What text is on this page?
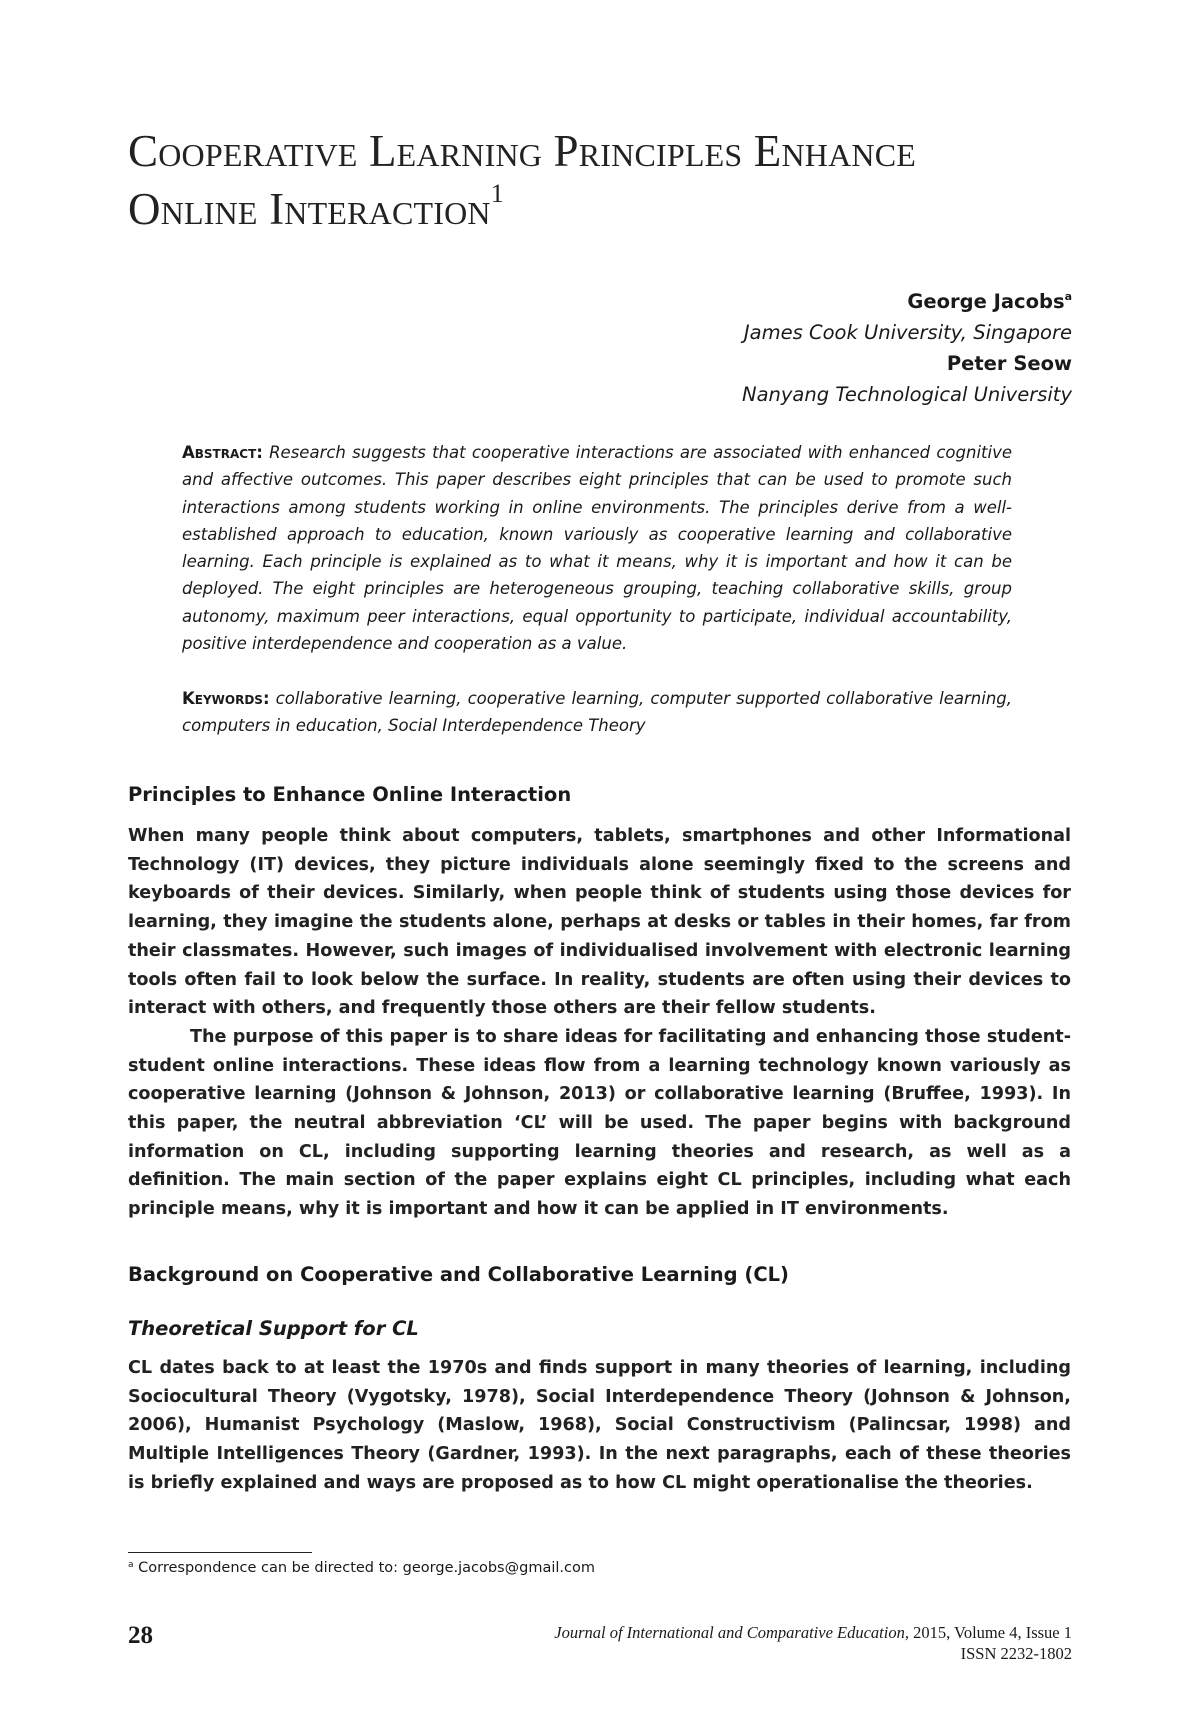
Cooperative Learning Principles Enhance
Online Interaction$^1$
George Jacobs$^a$
James Cook University, Singapore
Peter Seow
Nanyang Technological University
Abstract: Research suggests that cooperative interactions are associated with enhanced cognitive and affective outcomes. This paper describes eight principles that can be used to promote such interactions among students working in online environments. The principles derive from a well-established approach to education, known variously as cooperative learning and collaborative learning. Each principle is explained as to what it means, why it is important and how it can be deployed. The eight principles are heterogeneous grouping, teaching collaborative skills, group autonomy, maximum peer interactions, equal opportunity to participate, individual accountability, positive interdependence and cooperation as a value.
Keywords: collaborative learning, cooperative learning, computer supported collaborative learning, computers in education, Social Interdependence Theory
Principles to Enhance Online Interaction

When many people think about computers, tablets, smartphones and other Informational Technology (IT) devices, they picture individuals alone seemingly fixed to the screens and keyboards of their devices. Similarly, when people think of students using those devices for learning, they imagine the students alone, perhaps at desks or tables in their homes, far from their classmates. However, such images of individualised involvement with electronic learning tools often fail to look below the surface. In reality, students are often using their devices to interact with others, and frequently those others are their fellow students.

The purpose of this paper is to share ideas for facilitating and enhancing those student-student online interactions. These ideas flow from a learning technology known variously as cooperative learning (Johnson & Johnson, 2013) or collaborative learning (Bruffee, 1993). In this paper, the neutral abbreviation ‘CL’ will be used. The paper begins with background information on CL, including supporting learning theories and research, as well as a definition. The main section of the paper explains eight CL principles, including what each principle means, why it is important and how it can be applied in IT environments.

Background on Cooperative and Collaborative Learning (CL)
Theoretical Support for CL

CL dates back to at least the 1970s and finds support in many theories of learning, including Sociocultural Theory (Vygotsky, 1978), Social Interdependence Theory (Johnson & Johnson, 2006), Humanist Psychology (Maslow, 1968), Social Constructivism (Palincsar, 1998) and Multiple Intelligences Theory (Gardner, 1993). In the next paragraphs, each of these theories is briefly explained and ways are proposed as to how CL might operationalise the theories.

$^a$ Correspondence can be directed to: george.jacobs@gmail.com
28	Journal of International and Comparative Education, 2015, Volume 4, Issue 1
ISSN 2232-1802
